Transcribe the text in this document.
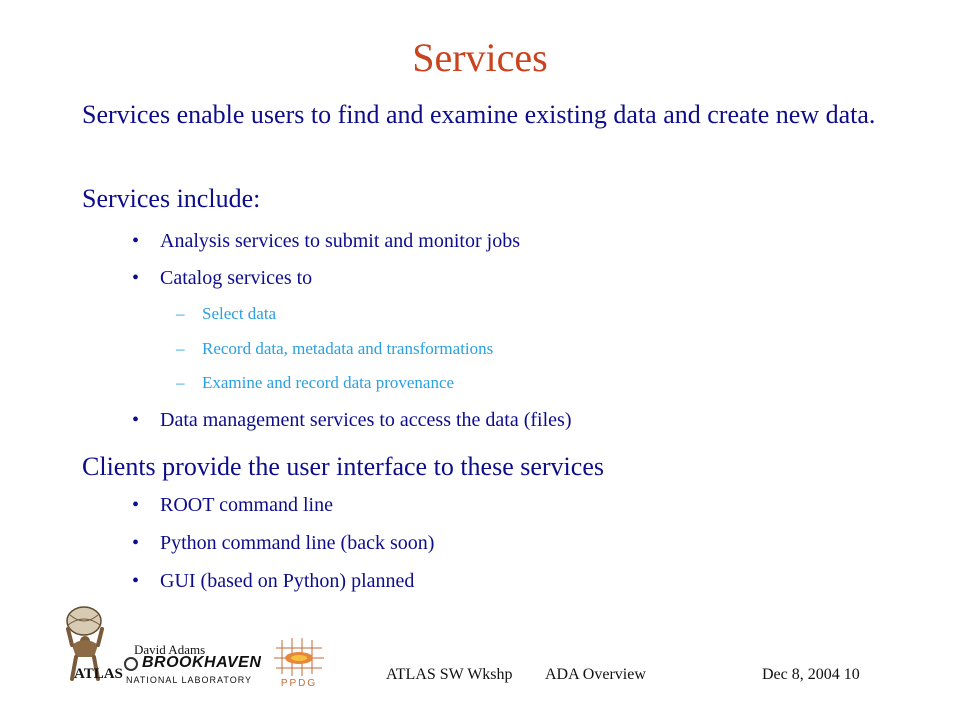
Services
Services enable users to find and examine existing data and create new data.
Services include:
• Analysis services to submit and monitor jobs
• Catalog services to
– Select data
– Record data, metadata and transformations
– Examine and record data provenance
• Data management services to access the data (files)
Clients provide the user interface to these services
• ROOT command line
• Python command line (back soon)
• GUI (based on Python) planned
ATLAS
David Adams
BROOKHAVEN
NATIONAL LABORATORY	PPDG
ATLAS SW Wkshp ADA Overview	Dec 8, 2004 10
